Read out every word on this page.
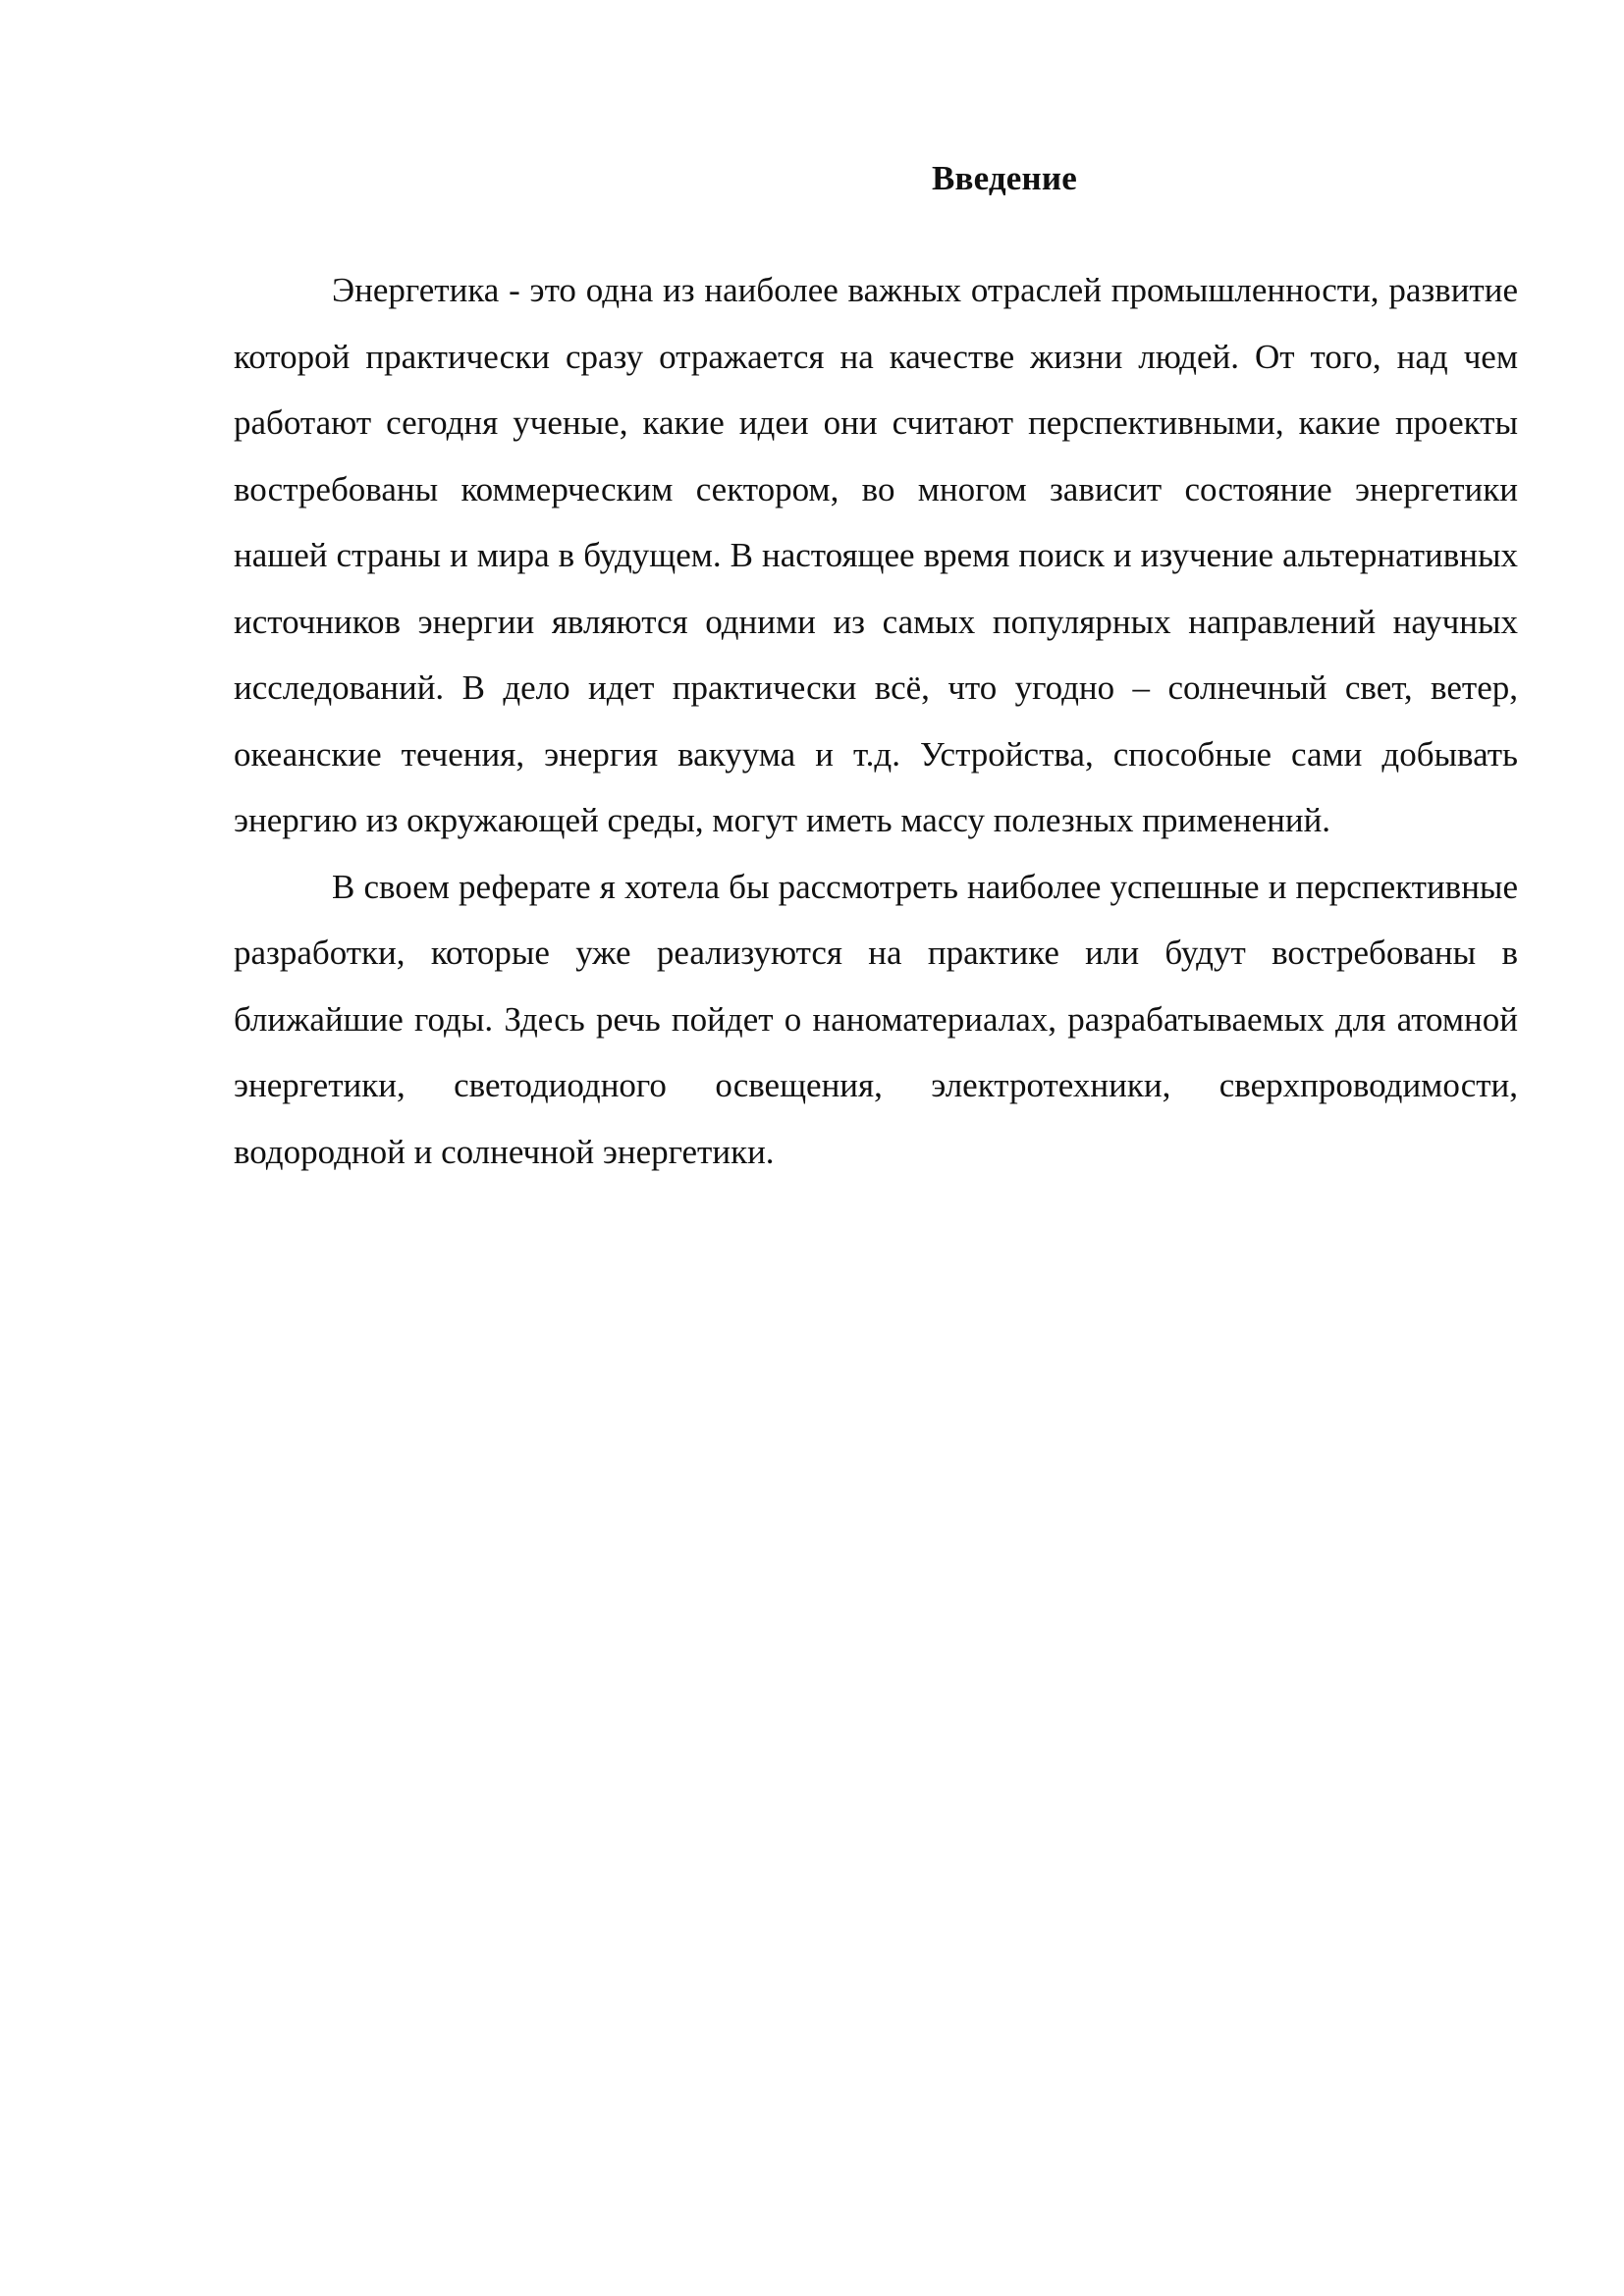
Введение

Энергетика - это одна из наиболее важных отраслей промышленности, развитие которой практически сразу отражается на качестве жизни людей. От того, над чем работают сегодня ученые, какие идеи они считают перспективными, какие проекты востребованы коммерческим сектором, во многом зависит состояние энергетики нашей страны и мира в будущем. В настоящее время поиск и изучение альтернативных источников энергии являются одними из самых популярных направлений научных исследований. В дело идет практически всё, что угодно – солнечный свет, ветер, океанские течения, энергия вакуума и т.д. Устройства, способные сами добывать энергию из окружающей среды, могут иметь массу полезных применений.

В своем реферате я хотела бы рассмотреть наиболее успешные и перспективные разработки, которые уже реализуются на практике или будут востребованы в ближайшие годы. Здесь речь пойдет о наноматериалах, разрабатываемых для атомной энергетики, светодиодного освещения, электротехники, сверхпроводимости, водородной и солнечной энергетики.
